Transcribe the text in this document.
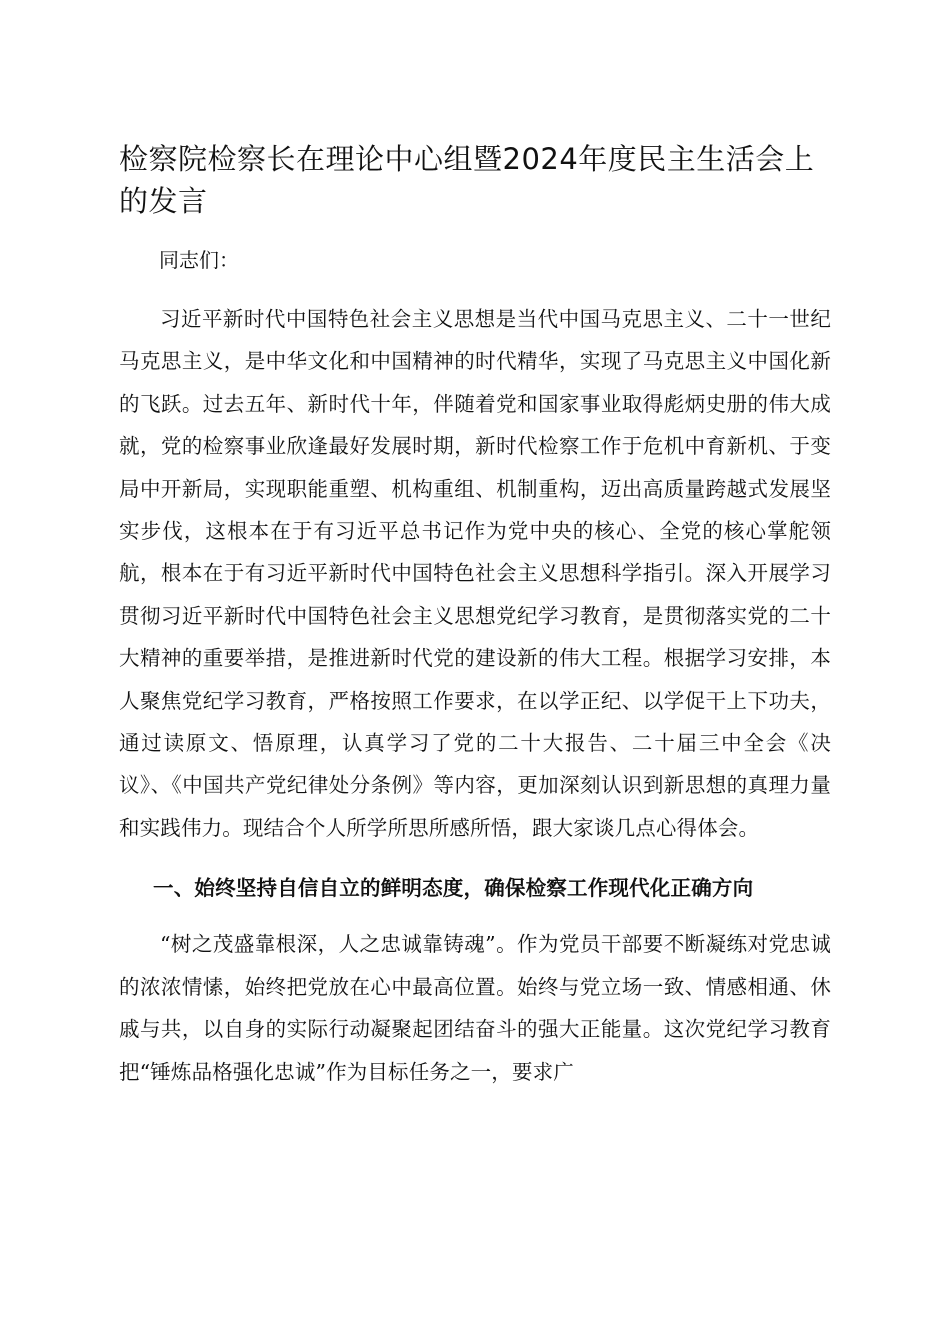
检察院检察长在理论中心组暨2024年度民主生活会上的发言

同志们：

习近平新时代中国特色社会主义思想是当代中国马克思主义、二十一世纪马克思主义，是中华文化和中国精神的时代精华，实现了马克思主义中国化新的飞跃。过去五年、新时代十年，伴随着党和国家事业取得彪炳史册的伟大成就，党的检察事业欣逢最好发展时期，新时代检察工作于危机中育新机、于变局中开新局，实现职能重塑、机构重组、机制重构，迈出高质量跨越式发展坚实步伐，这根本在于有习近平总书记作为党中央的核心、全党的核心掌舵领航，根本在于有习近平新时代中国特色社会主义思想科学指引。深入开展学习贯彻习近平新时代中国特色社会主义思想党纪学习教育，是贯彻落实党的二十大精神的重要举措，是推进新时代党的建设新的伟大工程。根据学习安排，本人聚焦党纪学习教育，严格按照工作要求，在以学正纪、以学促干上下功夫，通过读原文、悟原理，认真学习了党的二十大报告、二十届三中全会《决议》、《中国共产党纪律处分条例》等内容，更加深刻认识到新思想的真理力量和实践伟力。现结合个人所学所思所感所悟，跟大家谈几点心得体会。

一、始终坚持自信自立的鲜明态度，确保检察工作现代化正确方向

“树之茂盛靠根深，人之忠诚靠铸魂”。作为党员干部要不断凝练对党忠诚的浓浓情愫，始终把党放在心中最高位置。始终与党立场一致、情感相通、休戚与共，以自身的实际行动凝聚起团结奋斗的强大正能量。这次党纪学习教育把“锤炼品格强化忠诚”作为目标任务之一，要求广
